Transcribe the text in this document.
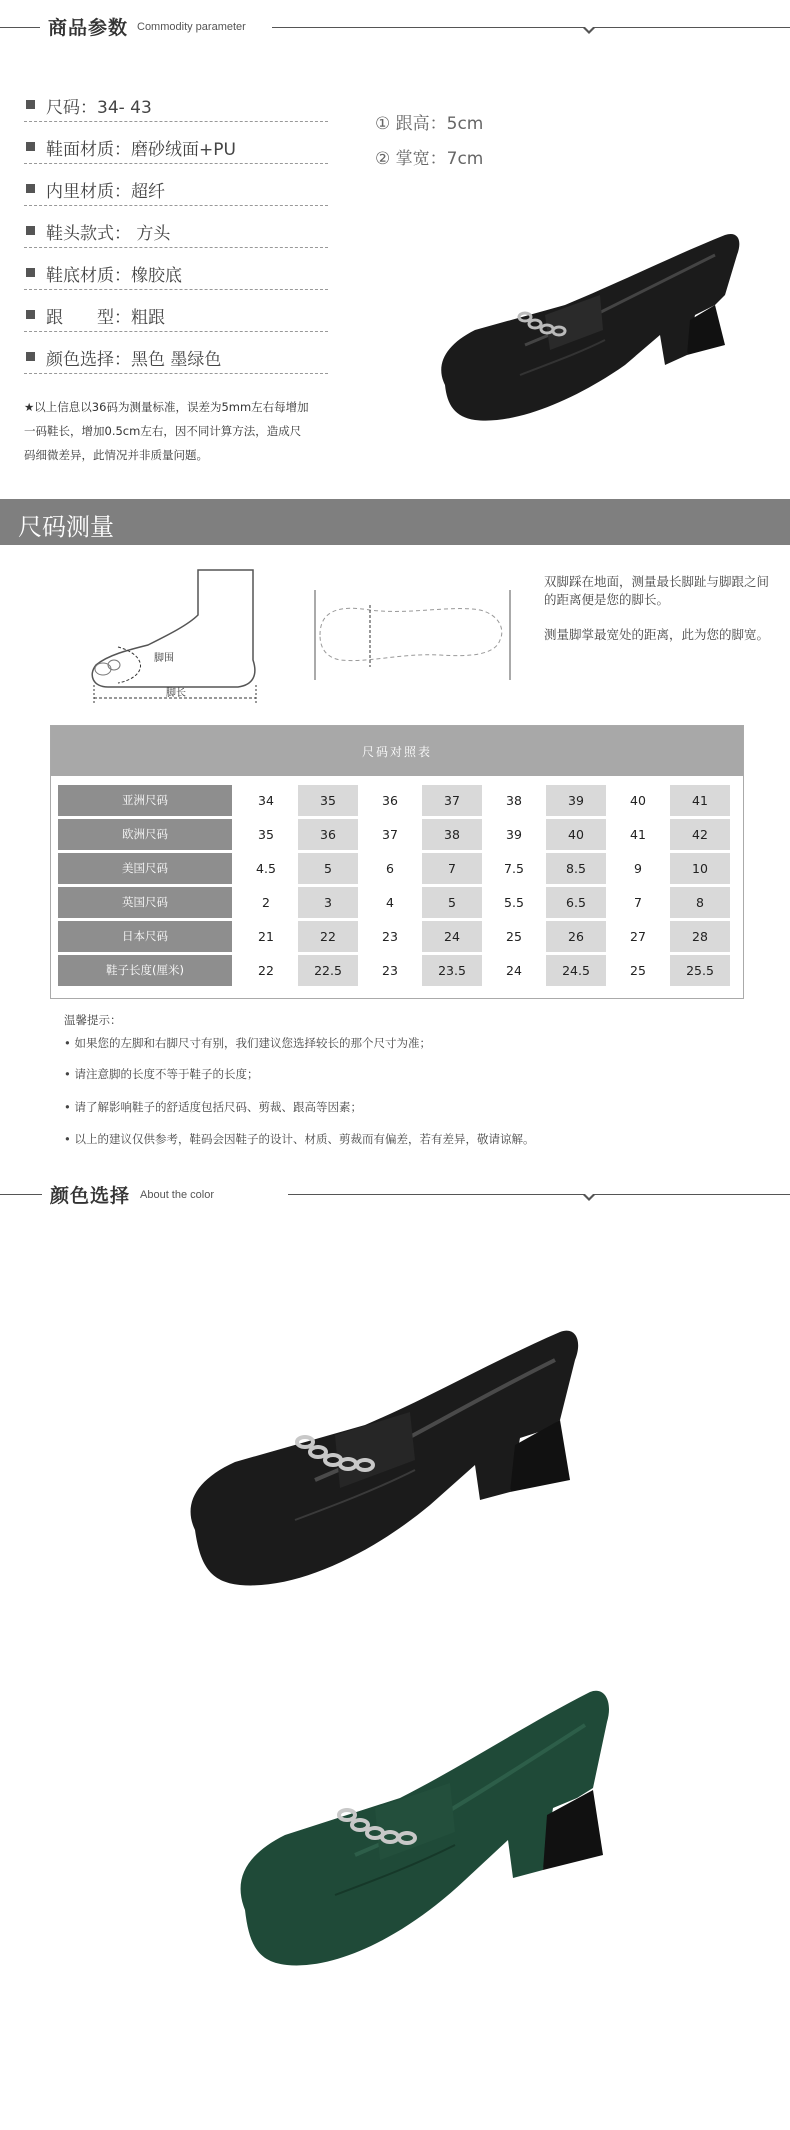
商品参数 Commodity parameter
尺码：34- 43
鞋面材质：磨砂绒面+PU
内里材质：超纤
鞋头款式： 方头
鞋底材质：橡胶底
跟　　型：粗跟
颜色选择：黑色 墨绿色
① 跟高：5cm
② 掌宽：7cm
★以上信息以36码为测量标准，误差为5mm左右每增加
一码鞋长，增加0.5cm左右，因不同计算方法，造成尺
码细微差异，此情况并非质量问题。
尺码测量
脚围
脚长
双脚踩在地面，测量最长脚趾与脚跟之间的距离便是您的脚长。
测量脚掌最宽处的距离，此为您的脚宽。
尺码对照表
亚洲尺码	34	35	36	37	38	39	40	41
欧洲尺码	35	36	37	38	39	40	41	42
美国尺码	4.5	5	6	7	7.5	8.5	9	10
英国尺码	2	3	4	5	5.5	6.5	7	8
日本尺码	21	22	23	24	25	26	27	28
鞋子长度(厘米)	22	22.5	23	23.5	24	24.5	25	25.5
温馨提示：
• 如果您的左脚和右脚尺寸有别，我们建议您选择较长的那个尺寸为准；
• 请注意脚的长度不等于鞋子的长度；
• 请了解影响鞋子的舒适度包括尺码、剪裁、跟高等因素；
• 以上的建议仅供参考，鞋码会因鞋子的设计、材质、剪裁而有偏差，若有差异，敬请谅解。
颜色选择 About the color
